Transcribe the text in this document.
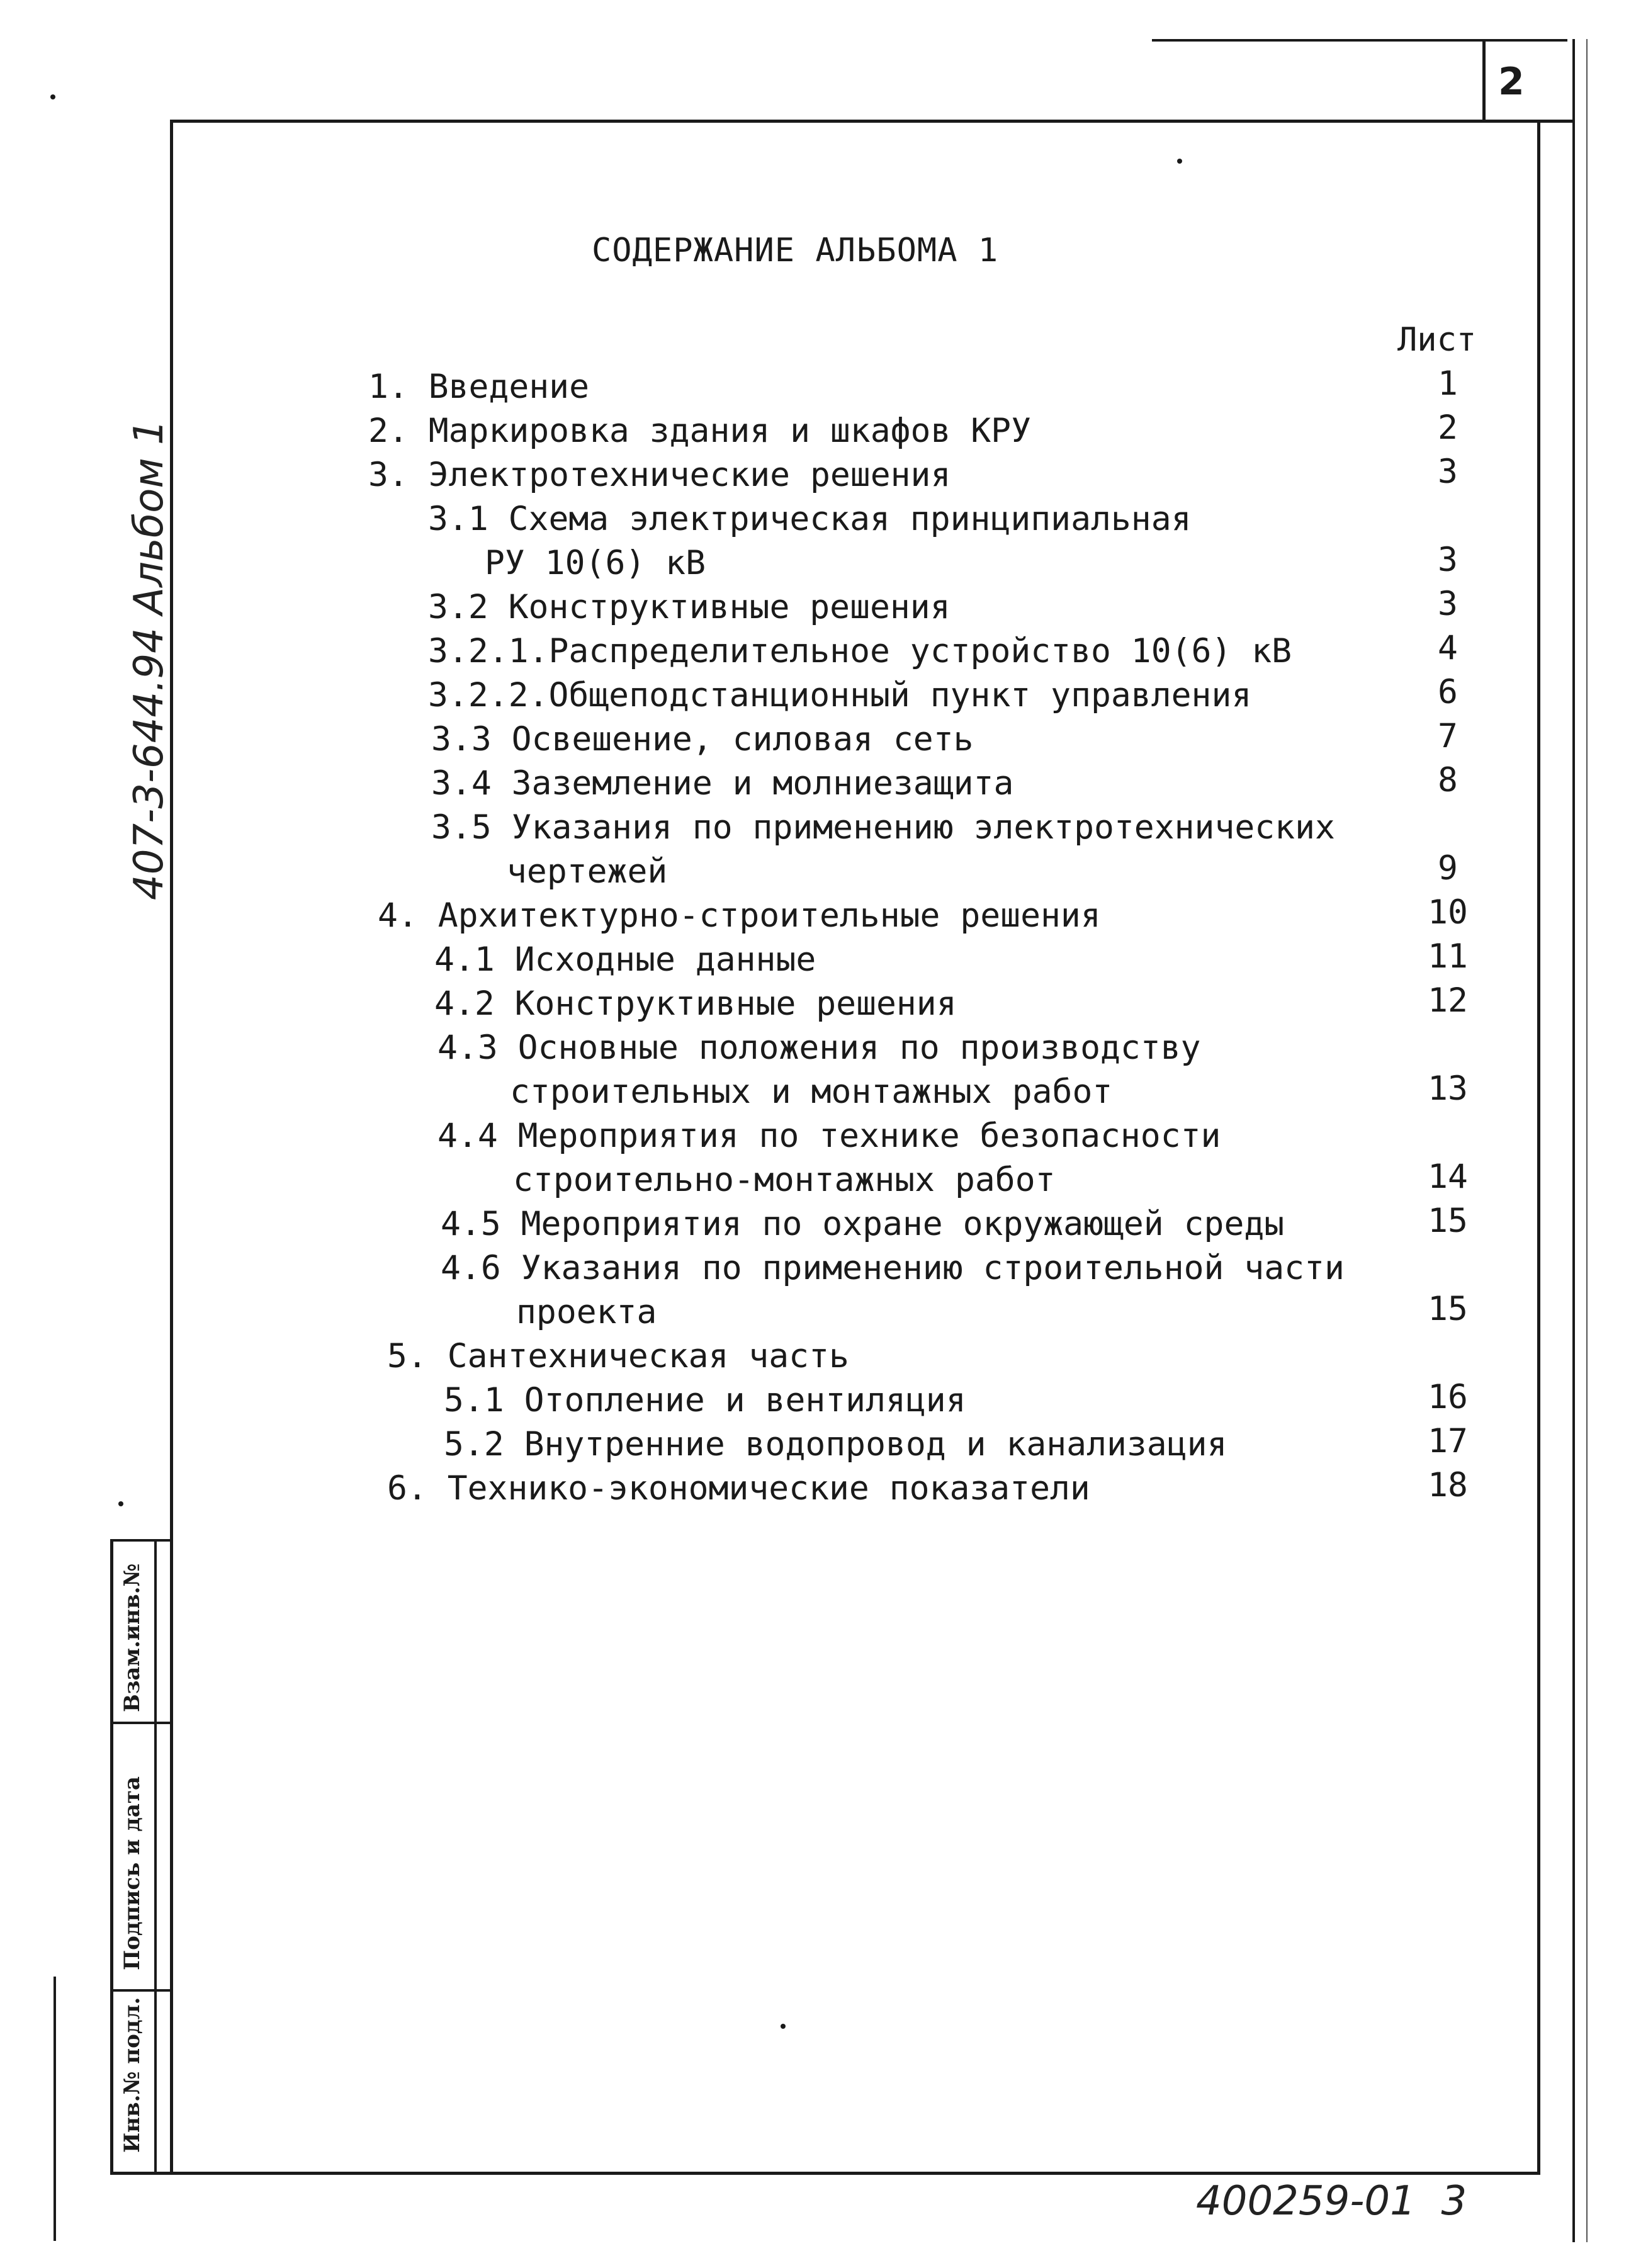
2
Взам.инв.№
Подпись и дата
Инв.№ подл.
407-3-644.94 Альбом 1
СОДЕРЖАНИЕ АЛЬБОМА 1
Лист
1. Введение	1
2. Маркировка здания и шкафов КРУ	2
3. Электротехнические решения	3
3.1 Схема электрическая принципиальная
РУ 10(6) кВ	3
3.2 Конструктивные решения	3
3.2.1.Распределительное устройство 10(6) кВ	4
3.2.2.Общеподстанционный пункт управления	6
3.3 Освешение, силовая сеть	7
3.4 Заземление и молниезащита	8
3.5 Указания по применению электротехнических
чертежей	9
4. Архитектурно-строительные решения	10
4.1 Исходные данные	11
4.2 Конструктивные решения	12
4.3 Основные положения по производству
строительных и монтажных работ	13
4.4 Мероприятия по технике безопасности
строительно-монтажных работ	14
4.5 Мероприятия по охране окружающей среды	15
4.6 Указания по применению строительной части
проекта	15
5. Сантехническая часть
5.1 Отопление и вентиляция	16
5.2 Внутренние водопровод и канализация	17
6. Технико-экономические показатели	18
400259-01  3
